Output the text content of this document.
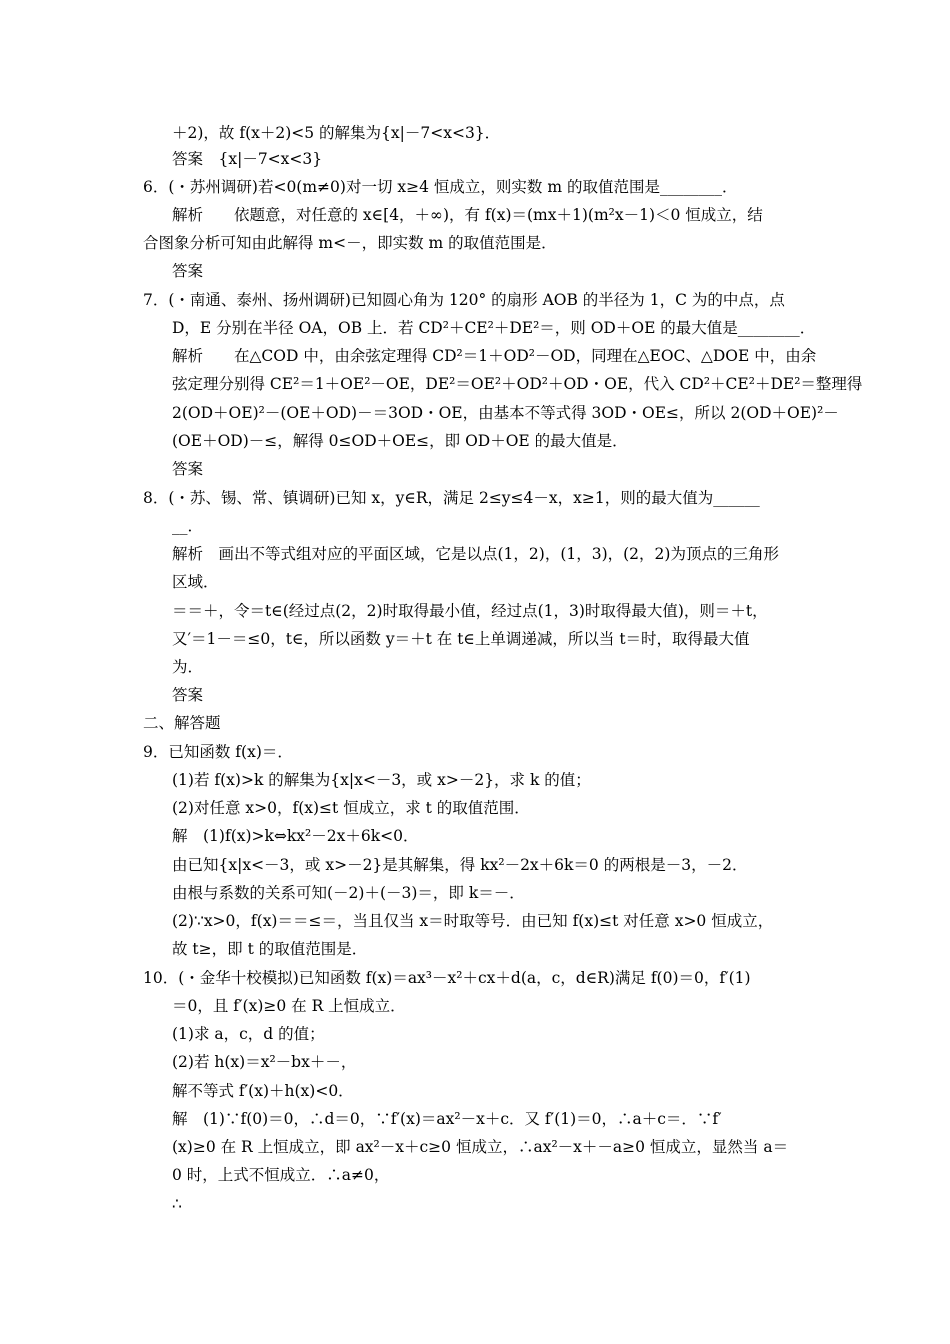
＋2)，故 f(x＋2)<5 的解集为{x|－7<x<3}．
答案　{x|－7<x<3}
6．(・苏州调研)若<0(m≠0)对一切 x≥4 恒成立，则实数 m 的取值范围是________．
解析　　依题意，对任意的 x∈[4，＋∞)，有 f(x)＝(mx＋1)(m²x－1)＜0 恒成立，结
合图象分析可知由此解得 m<－，即实数 m 的取值范围是．
答案
7．(・南通、泰州、扬州调研)已知圆心角为 120° 的扇形 AOB 的半径为 1，C 为的中点，点
D，E 分别在半径 OA，OB 上．若 CD²＋CE²＋DE²＝，则 OD＋OE 的最大值是________．
解析　　在△COD 中，由余弦定理得 CD²＝1＋OD²－OD，同理在△EOC、△DOE 中，由余
弦定理分别得 CE²＝1＋OE²－OE，DE²＝OE²＋OD²＋OD・OE，代入 CD²＋CE²＋DE²＝整理得
2(OD＋OE)²－(OE＋OD)－＝3OD・OE，由基本不等式得 3OD・OE≤，所以 2(OD＋OE)²－
(OE＋OD)－≤，解得 0≤OD＋OE≤，即 OD＋OE 的最大值是．
答案
8．(・苏、锡、常、镇调研)已知 x，y∈R，满足 2≤y≤4－x，x≥1，则的最大值为______
__．
解析　画出不等式组对应的平面区域，它是以点(1，2)，(1，3)，(2，2)为顶点的三角形
区域．
＝＝＋，令＝t∈(经过点(2，2)时取得最小值，经过点(1，3)时取得最大值)，则＝＋t，
又′＝1－＝≤0，t∈，所以函数 y＝＋t 在 t∈上单调递减，所以当 t＝时，取得最大值
为．
答案
二、解答题
9．已知函数 f(x)＝．
(1)若 f(x)>k 的解集为{x|x<－3，或 x>－2}，求 k 的值；
(2)对任意 x>0，f(x)≤t 恒成立，求 t 的取值范围．
解　(1)f(x)>k⇔kx²－2x＋6k<0．
由已知{x|x<－3，或 x>－2}是其解集，得 kx²－2x＋6k＝0 的两根是－3，－2．
由根与系数的关系可知(－2)＋(－3)＝，即 k＝－．
(2)∵x>0，f(x)＝＝≤＝，当且仅当 x＝时取等号．由已知 f(x)≤t 对任意 x>0 恒成立，
故 t≥，即 t 的取值范围是．
10．(・金华十校模拟)已知函数 f(x)＝ax³－x²＋cx＋d(a，c，d∈R)满足 f(0)＝0，f′(1)
＝0，且 f′(x)≥0 在 R 上恒成立．
(1)求 a，c，d 的值；
(2)若 h(x)＝x²－bx＋－，
解不等式 f′(x)＋h(x)<0．
解　(1)∵f(0)＝0，∴d＝0，∵f′(x)＝ax²－x＋c．又 f′(1)＝0，∴a＋c＝．∵f′
(x)≥0 在 R 上恒成立，即 ax²－x＋c≥0 恒成立，∴ax²－x＋－a≥0 恒成立，显然当 a＝
0 时，上式不恒成立．∴a≠0，
∴
